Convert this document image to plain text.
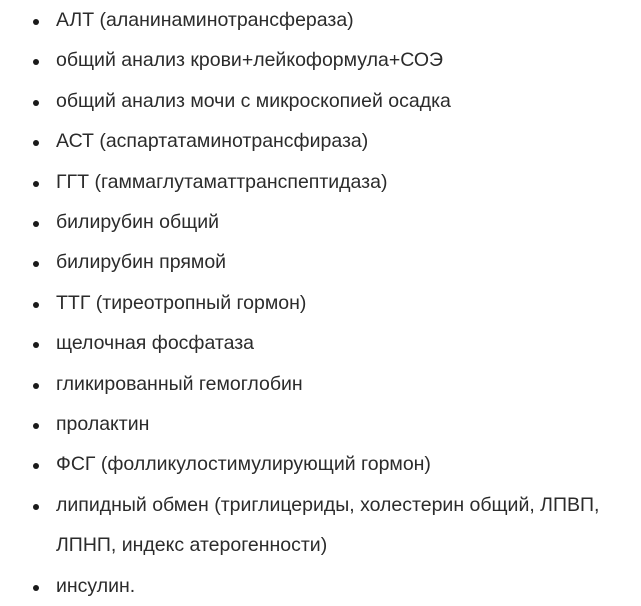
АЛТ (аланинаминотрансфераза)
общий анализ крови+лейкоформула+СОЭ
общий анализ мочи с микроскопией осадка
АСТ (аспартатаминотрансфираза)
ГГТ (гаммаглутаматтранспептидаза)
билирубин общий
билирубин прямой
ТТГ (тиреотропный гормон)
щелочная фосфатаза
гликированный гемоглобин
пролактин
ФСГ (фолликулостимулирующий гормон)
липидный обмен (триглицериды, холестерин общий, ЛПВП, ЛПНП, индекс атерогенности)
инсулин.
